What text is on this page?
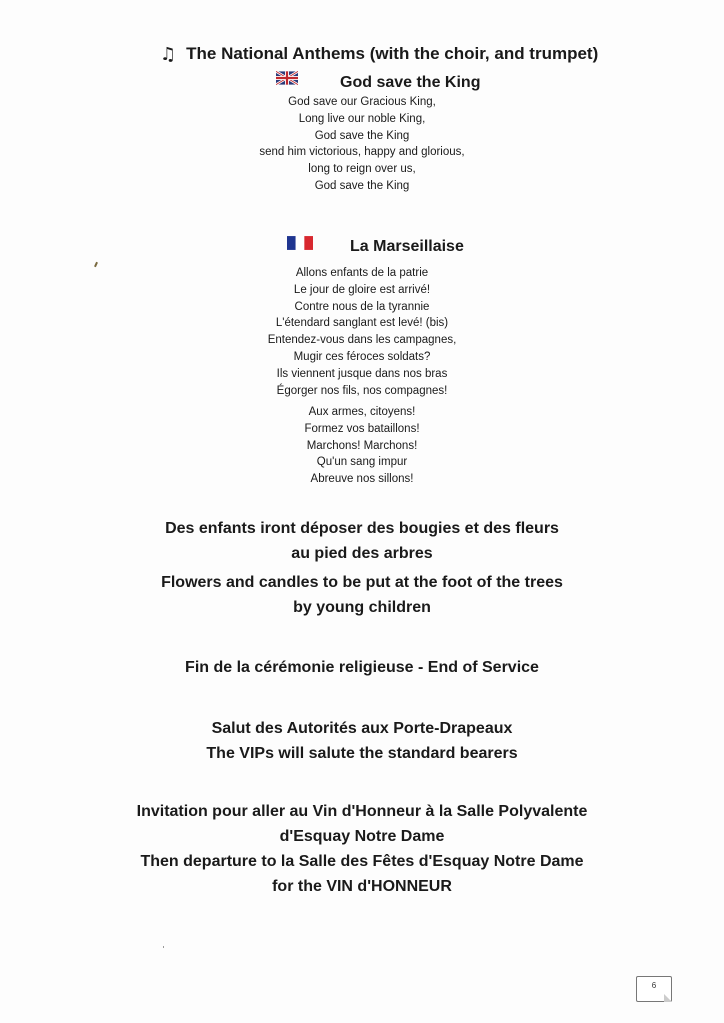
♫ The National Anthems (with the choir, and trumpet)
God save the King
God save our Gracious King,
Long live our noble King,
God save the King
send him victorious, happy and glorious,
long to reign over us,
God save the King
La Marseillaise
Allons enfants de la patrie
Le jour de gloire est arrivé!
Contre nous de la tyrannie
L'étendard sanglant est levé! (bis)
Entendez-vous dans les campagnes,
Mugir ces féroces soldats?
Ils viennent jusque dans nos bras
Égorger nos fils, nos compagnes!
Aux armes, citoyens!
Formez vos bataillons!
Marchons! Marchons!
Qu'un sang impur
Abreuve nos sillons!
Des enfants iront déposer des bougies et des fleurs
au pied des arbres
Flowers and candles to be put at the foot of the trees
by young children
Fin de la cérémonie religieuse - End of Service
Salut des Autorités aux Porte-Drapeaux
The VIPs will salute the standard bearers
Invitation pour aller au Vin d'Honneur à la Salle Polyvalente
d'Esquay Notre Dame
Then departure to la Salle des Fêtes d'Esquay Notre Dame
for the VIN d'HONNEUR
6
